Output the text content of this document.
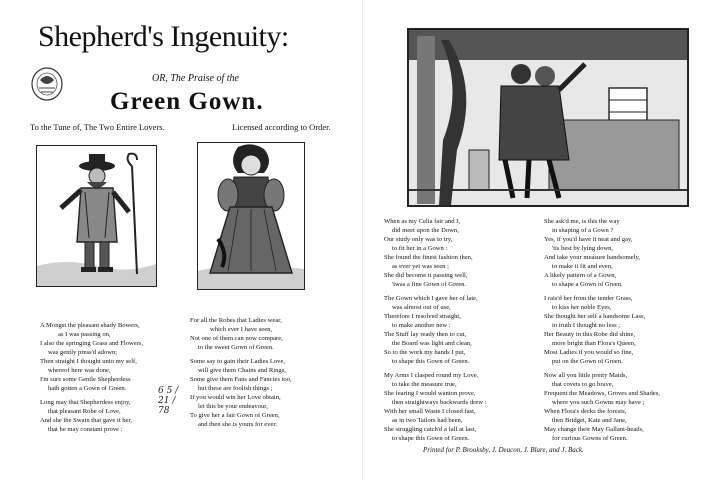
Shepherd's Ingenuity:
OR, The Praise of the
Green Gown.
To the Tune of, The Two Entire Lovers.	Licensed according to Order.
A Mongst the pleasant shady Bowers,
as I was passing on,
I also the springing Grass and Flowers,
was gently press'd adown;
Then straight I thought unto my self,
whereof here was done,
I'm sure some Gentle Shepherdess
hath gotten a Gown of Green.
Long may that Shepherdess enjoy,
that pleasant Robe of Love,
And she the Swain that gave it her,
that he may constant prove :
6 5 / 21 / 78
For all the Robes that Ladies wear,
which ever I have seen,
Not one of them can now compare,
to the sweet Gown of Green.
Some say to gain their Ladies Love,
will give them Chains and Rings,
Some give them Fans and Fancies too,
but these are foolish things ;
If you would win her Love obtain,
let this be your endeavour,
To give her a fair Gown of Green,
and then she is yours for ever.
When as my Celia fair and I,
did meet upon the Down,
Our study only was to try,
to fit her in a Gown :
She found the finest fashion then,
as ever yet was seen ;
She did become it passing well,
'twas a fine Gown of Green.
The Gown which I gave her of late,
was almost out of use,
Therefore I resolved straight,
to make another new :
The Stuff lay ready then to cut,
the Board was light and clean,
So to the work my hands I put,
to shape this Gown of Green.
My Arms I clasped round my Love,
to take the measure true,
She fearing I would wanton prove,
then straightways backwards drew :
With her small Waste I closed fast,
as in two Tailors had been,
She struggling catch'd a fall at last,
to shape this Gown of Green.
She ask'd me, is this the way
in shaping of a Gown ?
Yes, if you'd have it neat and gay,
'tis best by lying down,
And take your measure handsomely,
to make it fit and even,
A likely pattern of a Gown,
to shape a Gown of Green.
I rais'd her from the tender Grass,
to kiss her noble Eyes,
She thought her self a handsome Lass,
in truth I thought no less ;
Her Beauty in this Robe did shine,
more bright than Flora's Queen,
Most Ladies if you would so fine,
put on the Gown of Green.
Now all you little pretty Maids,
that covets to go brave,
Frequent the Meadows, Groves and Shades,
where you such Gowns may have ;
When Flora's decks the forests,
then Bridget, Kate and Jane,
May change their May Gallant-heads,
for curious Gowns of Green.
Printed for P. Brooksby, J. Deacon, J. Blare, and J. Back.
